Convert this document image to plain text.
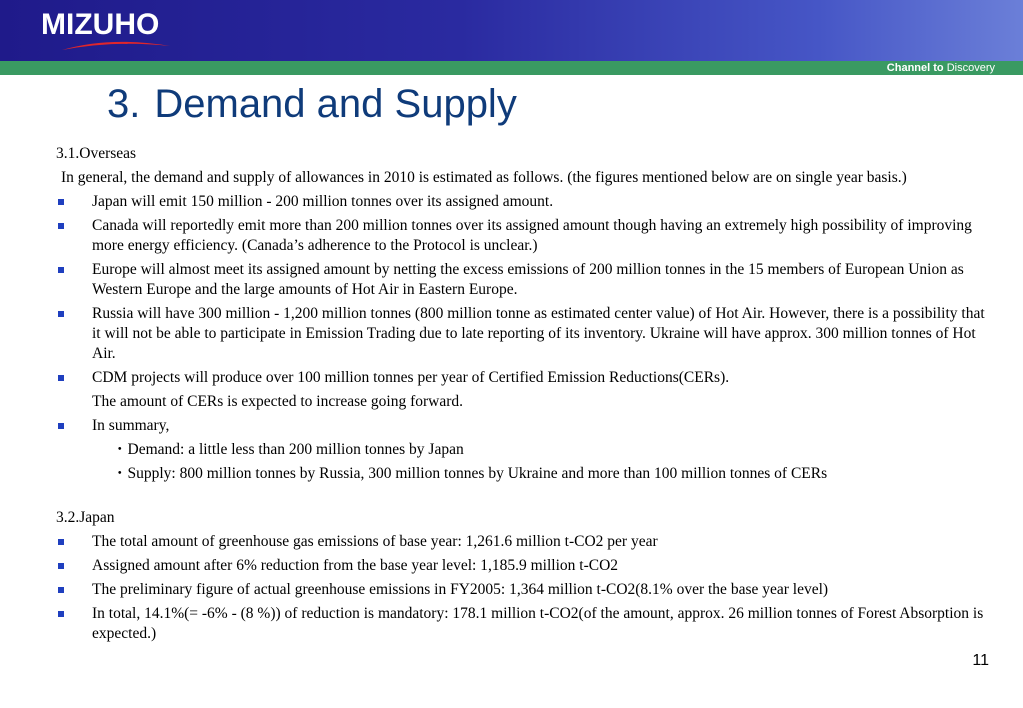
MIZUHO
Channel to Discovery
3. Demand and Supply
3.1.Overseas
In general, the demand and supply of allowances in 2010 is estimated as follows. (the figures mentioned below are on single year basis.)
Japan will emit 150 million - 200 million tonnes over its assigned amount.
Canada will reportedly emit more than 200 million tonnes over its assigned amount though having an extremely high possibility of improving more energy efficiency. (Canada’s adherence to the Protocol is unclear.)
Europe will almost meet its assigned amount by netting the excess emissions of 200 million tonnes in the 15 members of European Union as Western Europe and the large amounts of Hot Air in Eastern Europe.
Russia will have 300 million - 1,200 million tonnes (800 million tonne as estimated center value) of Hot Air. However, there is a possibility that it will not be able to participate in Emission Trading due to late reporting of its inventory. Ukraine will have approx. 300 million tonnes of Hot Air.
CDM projects will produce over 100 million tonnes per year of Certified Emission Reductions(CERs).
The amount of CERs is expected to increase going forward.
In summary,
・Demand: a little less than 200 million tonnes by Japan
・Supply: 800 million tonnes by Russia, 300 million tonnes by Ukraine and more than 100 million tonnes of CERs
3.2.Japan
The total amount of greenhouse gas emissions of base year: 1,261.6 million t-CO2 per year
Assigned amount after 6% reduction from the base year level: 1,185.9 million t-CO2
The preliminary figure of actual greenhouse emissions in FY2005: 1,364 million t-CO2(8.1% over the base year level)
In total, 14.1%(= -6% - (8 %)) of reduction is mandatory: 178.1 million t-CO2(of the amount, approx. 26 million tonnes of Forest Absorption is expected.)
11
